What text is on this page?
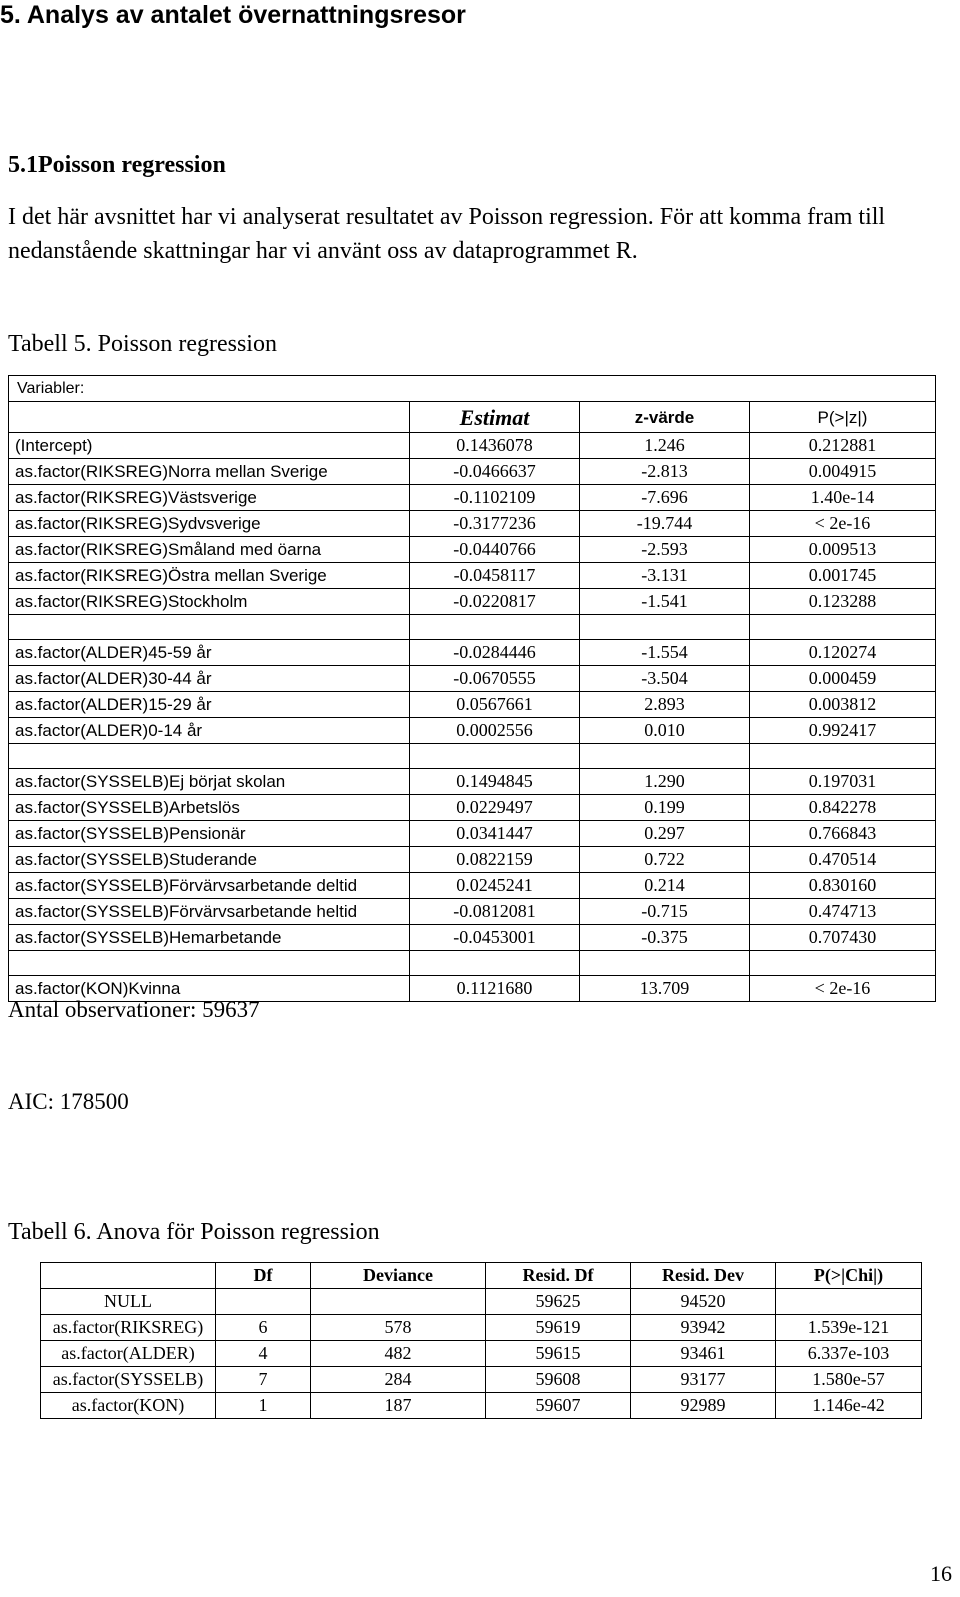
5. Analys av antalet övernattningsresor
5.1Poisson regression

I det här avsnittet har vi analyserat resultatet av Poisson regression. För att komma fram till nedanstående skattningar har vi använt oss av dataprogrammet R.

Tabell 5. Poisson regression

Variabler:			
	Estimat	z-värde	P(>|z|)
(Intercept)	0.1436078	1.246	0.212881
as.factor(RIKSREG)Norra mellan Sverige	-0.0466637	-2.813	0.004915
as.factor(RIKSREG)Västsverige	-0.1102109	-7.696	1.40e-14
as.factor(RIKSREG)Sydvsverige	-0.3177236	-19.744	< 2e-16
as.factor(RIKSREG)Småland med öarna	-0.0440766	-2.593	0.009513
as.factor(RIKSREG)Östra mellan Sverige	-0.0458117	-3.131	0.001745
as.factor(RIKSREG)Stockholm	-0.0220817	-1.541	0.123288

as.factor(ALDER)45-59 år	-0.0284446	-1.554	0.120274
as.factor(ALDER)30-44 år	-0.0670555	-3.504	0.000459
as.factor(ALDER)15-29 år	0.0567661	2.893	0.003812
as.factor(ALDER)0-14 år	0.0002556	0.010	0.992417

as.factor(SYSSELB)Ej börjat skolan	0.1494845	1.290	0.197031
as.factor(SYSSELB)Arbetslös	0.0229497	0.199	0.842278
as.factor(SYSSELB)Pensionär	0.0341447	0.297	0.766843
as.factor(SYSSELB)Studerande	0.0822159	0.722	0.470514
as.factor(SYSSELB)Förvärvsarbetande deltid	0.0245241	0.214	0.830160
as.factor(SYSSELB)Förvärvsarbetande heltid	-0.0812081	-0.715	0.474713
as.factor(SYSSELB)Hemarbetande	-0.0453001	-0.375	0.707430

as.factor(KON)Kvinna	0.1121680	13.709	< 2e-16

Antal observationer: 59637

AIC: 178500

Tabell 6. Anova för Poisson regression

	Df	Deviance	Resid. Df	Resid. Dev	P(>|Chi|)
NULL			59625	94520	
as.factor(RIKSREG)	6	578	59619	93942	1.539e-121
as.factor(ALDER)	4	482	59615	93461	6.337e-103
as.factor(SYSSELB)	7	284	59608	93177	1.580e-57
as.factor(KON)	1	187	59607	92989	1.146e-42

16
